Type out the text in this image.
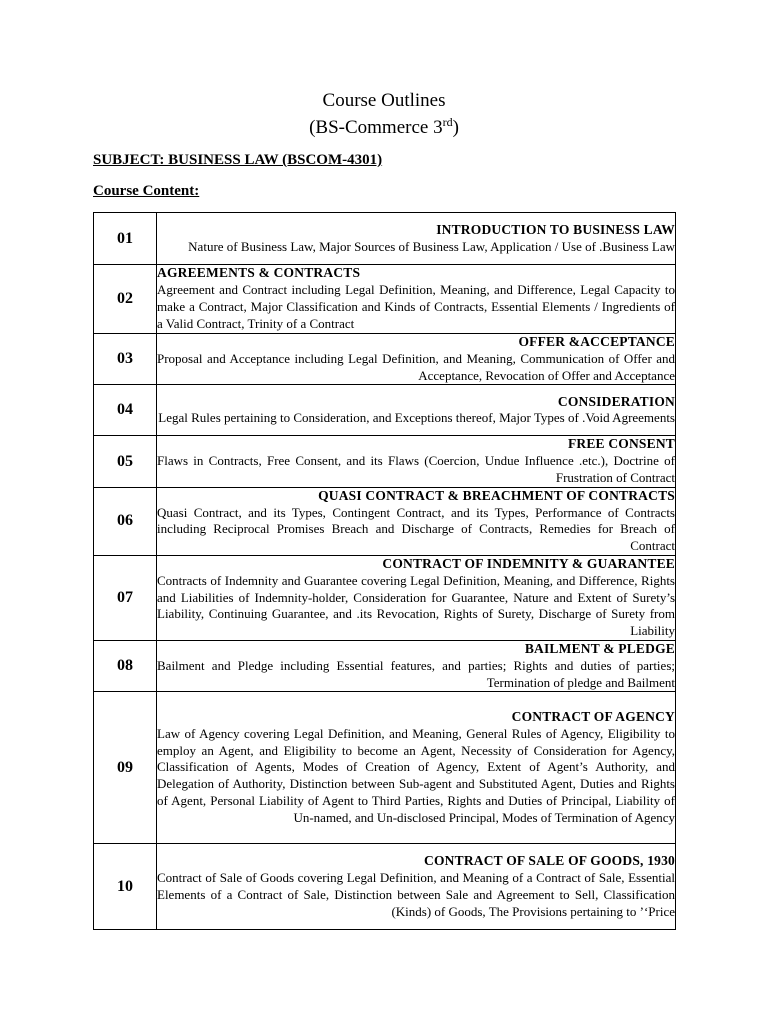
Course Outlines
(BS-Commerce 3rd)
SUBJECT: BUSINESS LAW (BSCOM-4301)
Course Content:
01	INTRODUCTION TO BUSINESS LAW
Nature of Business Law, Major Sources of Business Law, Application / Use of .Business Law

02	AGREEMENTS & CONTRACTS
Agreement and Contract including Legal Definition, Meaning, and Difference, Legal Capacity to make a Contract, Major Classification and Kinds of Contracts, Essential Elements / Ingredients of a Valid Contract, Trinity of a Contract

03	OFFER &ACCEPTANCE
Proposal and Acceptance including Legal Definition, and Meaning, Communication of Offer and Acceptance, Revocation of Offer and Acceptance

04	CONSIDERATION
Legal Rules pertaining to Consideration, and Exceptions thereof, Major Types of .Void Agreements

05	FREE CONSENT
Flaws in Contracts, Free Consent, and its Flaws (Coercion, Undue Influence .etc.), Doctrine of Frustration of Contract

06	QUASI CONTRACT & BREACHMENT OF CONTRACTS
Quasi Contract, and its Types, Contingent Contract, and its Types, Performance of Contracts including Reciprocal Promises Breach and Discharge of Contracts, Remedies for Breach of Contract

07	CONTRACT OF INDEMNITY & GUARANTEE
Contracts of Indemnity and Guarantee covering Legal Definition, Meaning, and Difference, Rights and Liabilities of Indemnity-holder, Consideration for Guarantee, Nature and Extent of Surety’s Liability, Continuing Guarantee, and .its Revocation, Rights of Surety, Discharge of Surety from Liability

08	BAILMENT & PLEDGE
Bailment and Pledge including Essential features, and parties; Rights and duties of parties; Termination of pledge and Bailment

09	CONTRACT OF AGENCY
Law of Agency covering Legal Definition, and Meaning, General Rules of Agency, Eligibility to employ an Agent, and Eligibility to become an Agent, Necessity of Consideration for Agency, Classification of Agents, Modes of Creation of Agency, Extent of Agent’s Authority, and Delegation of Authority, Distinction between Sub-agent and Substituted Agent, Duties and Rights of Agent, Personal Liability of Agent to Third Parties, Rights and Duties of Principal, Liability of Un-named, and Un-disclosed Principal, Modes of Termination of Agency

10	CONTRACT OF SALE OF GOODS, 1930
Contract of Sale of Goods covering Legal Definition, and Meaning of a Contract of Sale, Essential Elements of a Contract of Sale, Distinction between Sale and Agreement to Sell, Classification (Kinds) of Goods, The Provisions pertaining to ’‘Price
